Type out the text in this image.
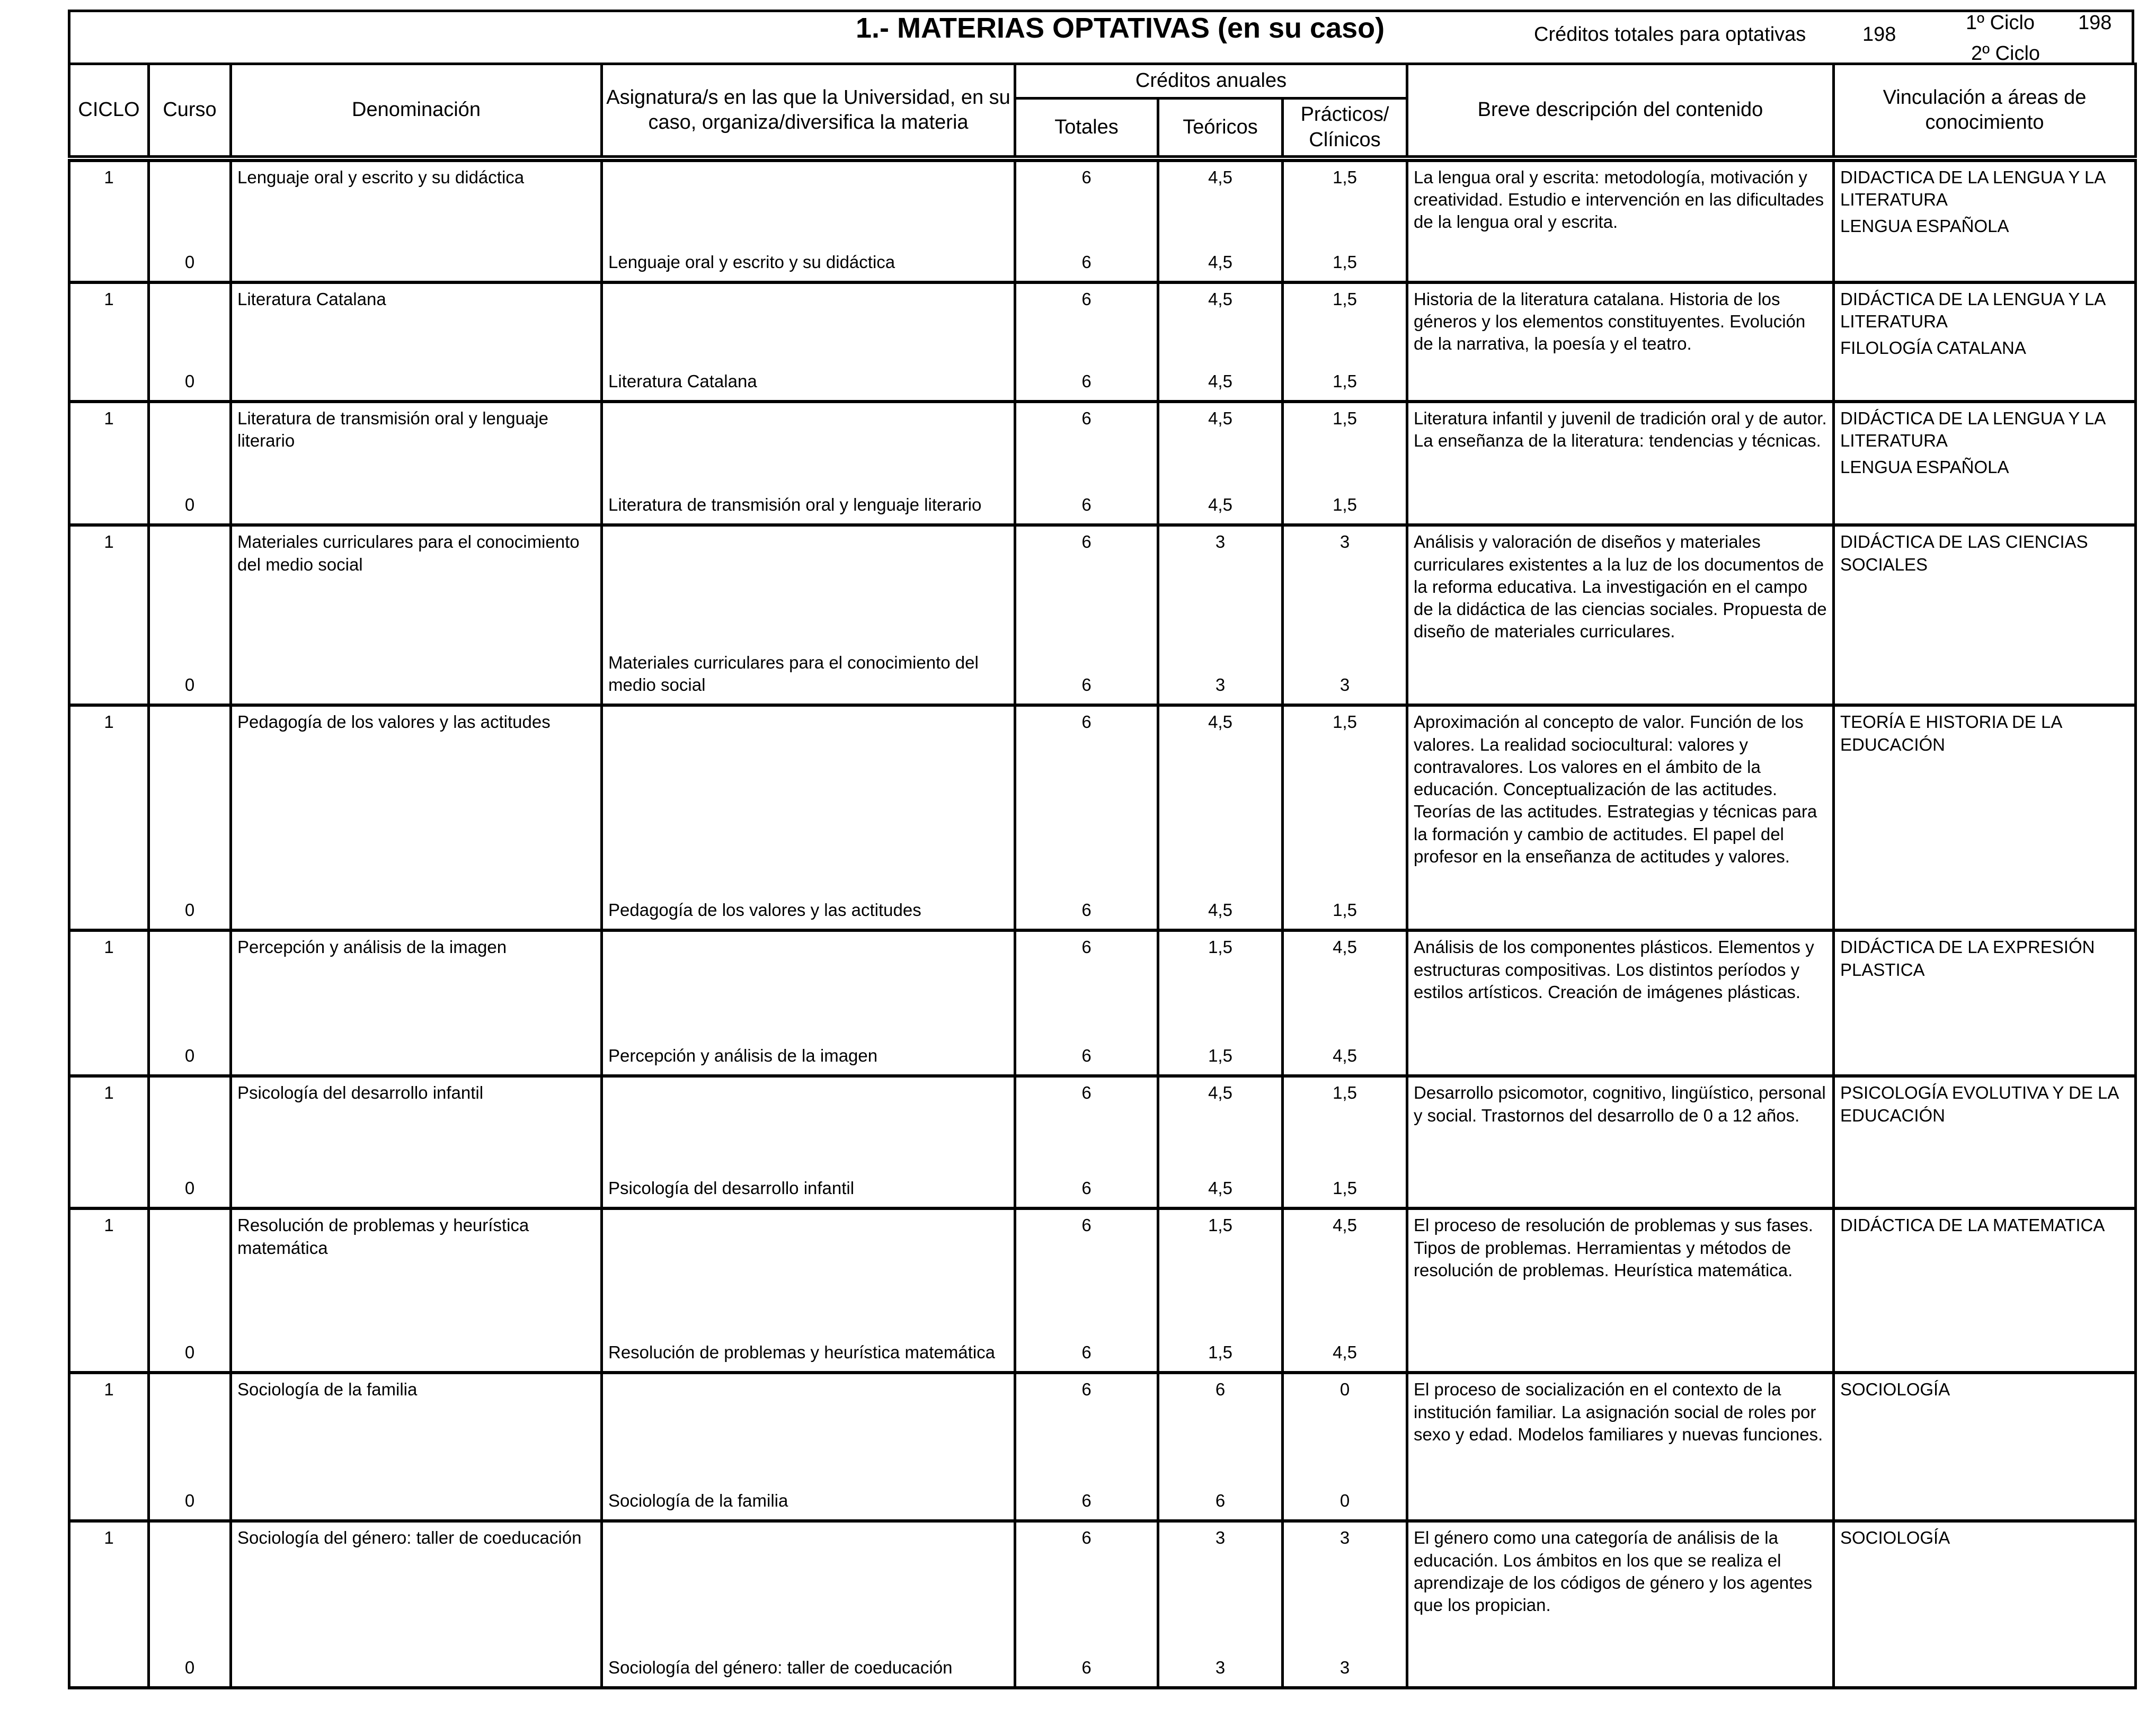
1.- MATERIAS OPTATIVAS (en su caso)	Créditos totales para optativas	198
1º Ciclo 198
2º Ciclo
CICLO	Curso	Denominación	Asignatura/s en las que la Universidad, en su caso, organiza/diversifica la materia	Créditos anuales			Breve descripción del contenido	Vinculación a áreas de conocimiento
				Totales	Teóricos	Prácticos/ Clínicos		
1	0	Lenguaje oral y escrito y su didáctica		6	4,5	1,5	La lengua oral y escrita: metodología, motivación y creatividad. Estudio e intervención en las dificultades de la lengua oral y escrita.	DIDACTICA DE LA LENGUA Y LA LITERATURA
LENGUA ESPAÑOLA

			Lenguaje oral y escrito y su didáctica	6	4,5	1,5		
1	0	Literatura Catalana		6	4,5	1,5	Historia de la literatura catalana. Historia de los géneros y los elementos constituyentes. Evolución de la narrativa, la poesía y el teatro.	DIDÁCTICA DE LA LENGUA Y LA LITERATURA
FILOLOGÍA CATALANA

			Literatura Catalana	6	4,5	1,5		
1	0	Literatura de transmisión oral y lenguaje literario		6	4,5	1,5	Literatura infantil y juvenil de tradición oral y de autor. La enseñanza de la literatura: tendencias y técnicas.	DIDÁCTICA DE LA LENGUA Y LA LITERATURA
LENGUA ESPAÑOLA

			Literatura de transmisión oral y lenguaje literario	6	4,5	1,5		
1	0	Materiales curriculares para el conocimiento del medio social		6	3	3	Análisis y valoración de diseños y materiales curriculares existentes a la luz de los documentos de la reforma educativa. La investigación en el campo de la didáctica de las ciencias sociales. Propuesta de diseño de materiales curriculares.	DIDÁCTICA DE LAS CIENCIAS SOCIALES

			Materiales curriculares para el conocimiento del medio social	6	3	3		
1	0	Pedagogía de los valores y las actitudes		6	4,5	1,5	Aproximación al concepto de valor. Función de los valores. La realidad sociocultural: valores y contravalores. Los valores en el ámbito de la educación. Conceptualización de las actitudes. Teorías de las actitudes. Estrategias y técnicas para la formación y cambio de actitudes. El papel del profesor en la enseñanza de actitudes y valores.	TEORÍA E HISTORIA DE LA EDUCACIÓN

			Pedagogía de los valores y las actitudes	6	4,5	1,5		
1	0	Percepción y análisis de la imagen		6	1,5	4,5	Análisis de los componentes plásticos. Elementos y estructuras compositivas. Los distintos períodos y estilos artísticos. Creación de imágenes plásticas.	DIDÁCTICA DE LA EXPRESIÓN PLASTICA

			Percepción y análisis de la imagen	6	1,5	4,5		
1	0	Psicología del desarrollo infantil		6	4,5	1,5	Desarrollo psicomotor, cognitivo, lingüístico, personal y social. Trastornos del desarrollo de 0 a 12 años.	PSICOLOGÍA EVOLUTIVA Y DE LA EDUCACIÓN

			Psicología del desarrollo infantil	6	4,5	1,5		
1	0	Resolución de problemas y heurística matemática		6	1,5	4,5	El proceso de resolución de problemas y sus fases. Tipos de problemas. Herramientas y métodos de resolución de problemas. Heurística matemática.	DIDÁCTICA DE LA MATEMATICA

			Resolución de problemas y heurística matemática	6	1,5	4,5		
1	0	Sociología de la familia		6	6	0	El proceso de socialización en el contexto de la institución familiar. La asignación social de roles por sexo y edad. Modelos familiares y nuevas funciones.	SOCIOLOGÍA

			Sociología de la familia	6	6	0		
1	0	Sociología del género: taller de coeducación		6	3	3	El género como una categoría de análisis de la educación. Los ámbitos en los que se realiza el aprendizaje de los códigos de género y los agentes que los propician.	SOCIOLOGÍA

			Sociología del género: taller de coeducación	6	3	3		
